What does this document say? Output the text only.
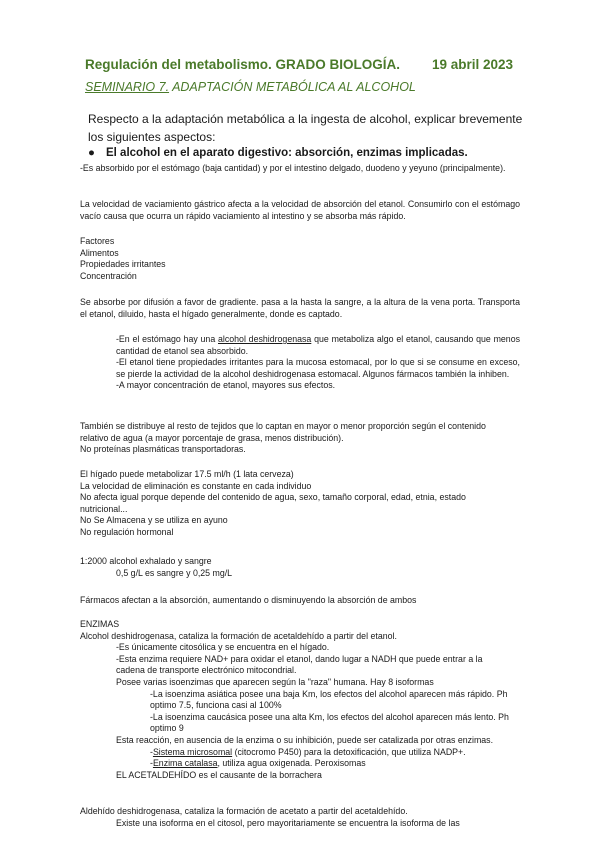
Regulación del metabolismo. GRADO BIOLOGÍA. 19 abril 2023
SEMINARIO 7. ADAPTACIÓN METABÓLICA AL ALCOHOL
Respecto a la adaptación metabólica a la ingesta de alcohol, explicar brevemente los siguientes aspectos:
● El alcohol en el aparato digestivo: absorción, enzimas implicadas.
-Es absorbido por el estómago (baja cantidad) y por el intestino delgado, duodeno y yeyuno (principalmente).
La velocidad de vaciamiento gástrico afecta a la velocidad de absorción del etanol. Consumirlo con el estómago vacío causa que ocurra un rápido vaciamiento al intestino y se absorba más rápido.
Factores
Alimentos
Propiedades irritantes
Concentración
Se absorbe por difusión a favor de gradiente. pasa a la hasta la sangre, a la altura de la vena porta. Transporta el etanol, diluido, hasta el hígado generalmente, donde es captado.
-En el estómago hay una alcohol deshidrogenasa que metaboliza algo el etanol, causando que menos cantidad de etanol sea absorbido.
-El etanol tiene propiedades irritantes para la mucosa estomacal, por lo que si se consume en exceso, se pierde la actividad de la alcohol deshidrogenasa estomacal. Algunos fármacos también la inhiben.
-A mayor concentración de etanol, mayores sus efectos.
También se distribuye al resto de tejidos que lo captan en mayor o menor proporción según el contenido
relativo de agua (a mayor porcentaje de grasa, menos distribución).
No proteínas plasmáticas transportadoras.
El hígado puede metabolizar 17.5 ml/h (1 lata cerveza)
La velocidad de eliminación es constante en cada individuo
No afecta igual porque depende del contenido de agua, sexo, tamaño corporal, edad, etnia, estado
nutricional...
No Se Almacena y se utiliza en ayuno
No regulación hormonal
1:2000 alcohol exhalado y sangre
0,5 g/L es sangre y 0,25 mg/L
Fármacos afectan a la absorción, aumentando o disminuyendo la absorción de ambos
ENZIMAS
Alcohol deshidrogenasa, cataliza la formación de acetaldehído a partir del etanol.
-Es únicamente citosólica y se encuentra en el hígado.
-Esta enzima requiere NAD+ para oxidar el etanol, dando lugar a NADH que puede entrar a la
cadena de transporte electrónico mitocondrial.
Posee varias isoenzimas que aparecen según la "raza" humana. Hay 8 isoformas
-La isoenzima asiática posee una baja Km, los efectos del alcohol aparecen más rápido. Ph
optimo 7.5, funciona casi al 100%
-La isoenzima caucásica posee una alta Km, los efectos del alcohol aparecen más lento. Ph
optimo 9
Esta reacción, en ausencia de la enzima o su inhibición, puede ser catalizada por otras enzimas.
-Sistema microsomal (citocromo P450) para la detoxificación, que utiliza NADP+.
-Enzima catalasa, utiliza agua oxigenada. Peroxisomas
EL ACETALDEHÍDO es el causante de la borrachera
Aldehído deshidrogenasa, cataliza la formación de acetato a partir del acetaldehído.
Existe una isoforma en el citosol, pero mayoritariamente se encuentra la isoforma de las
